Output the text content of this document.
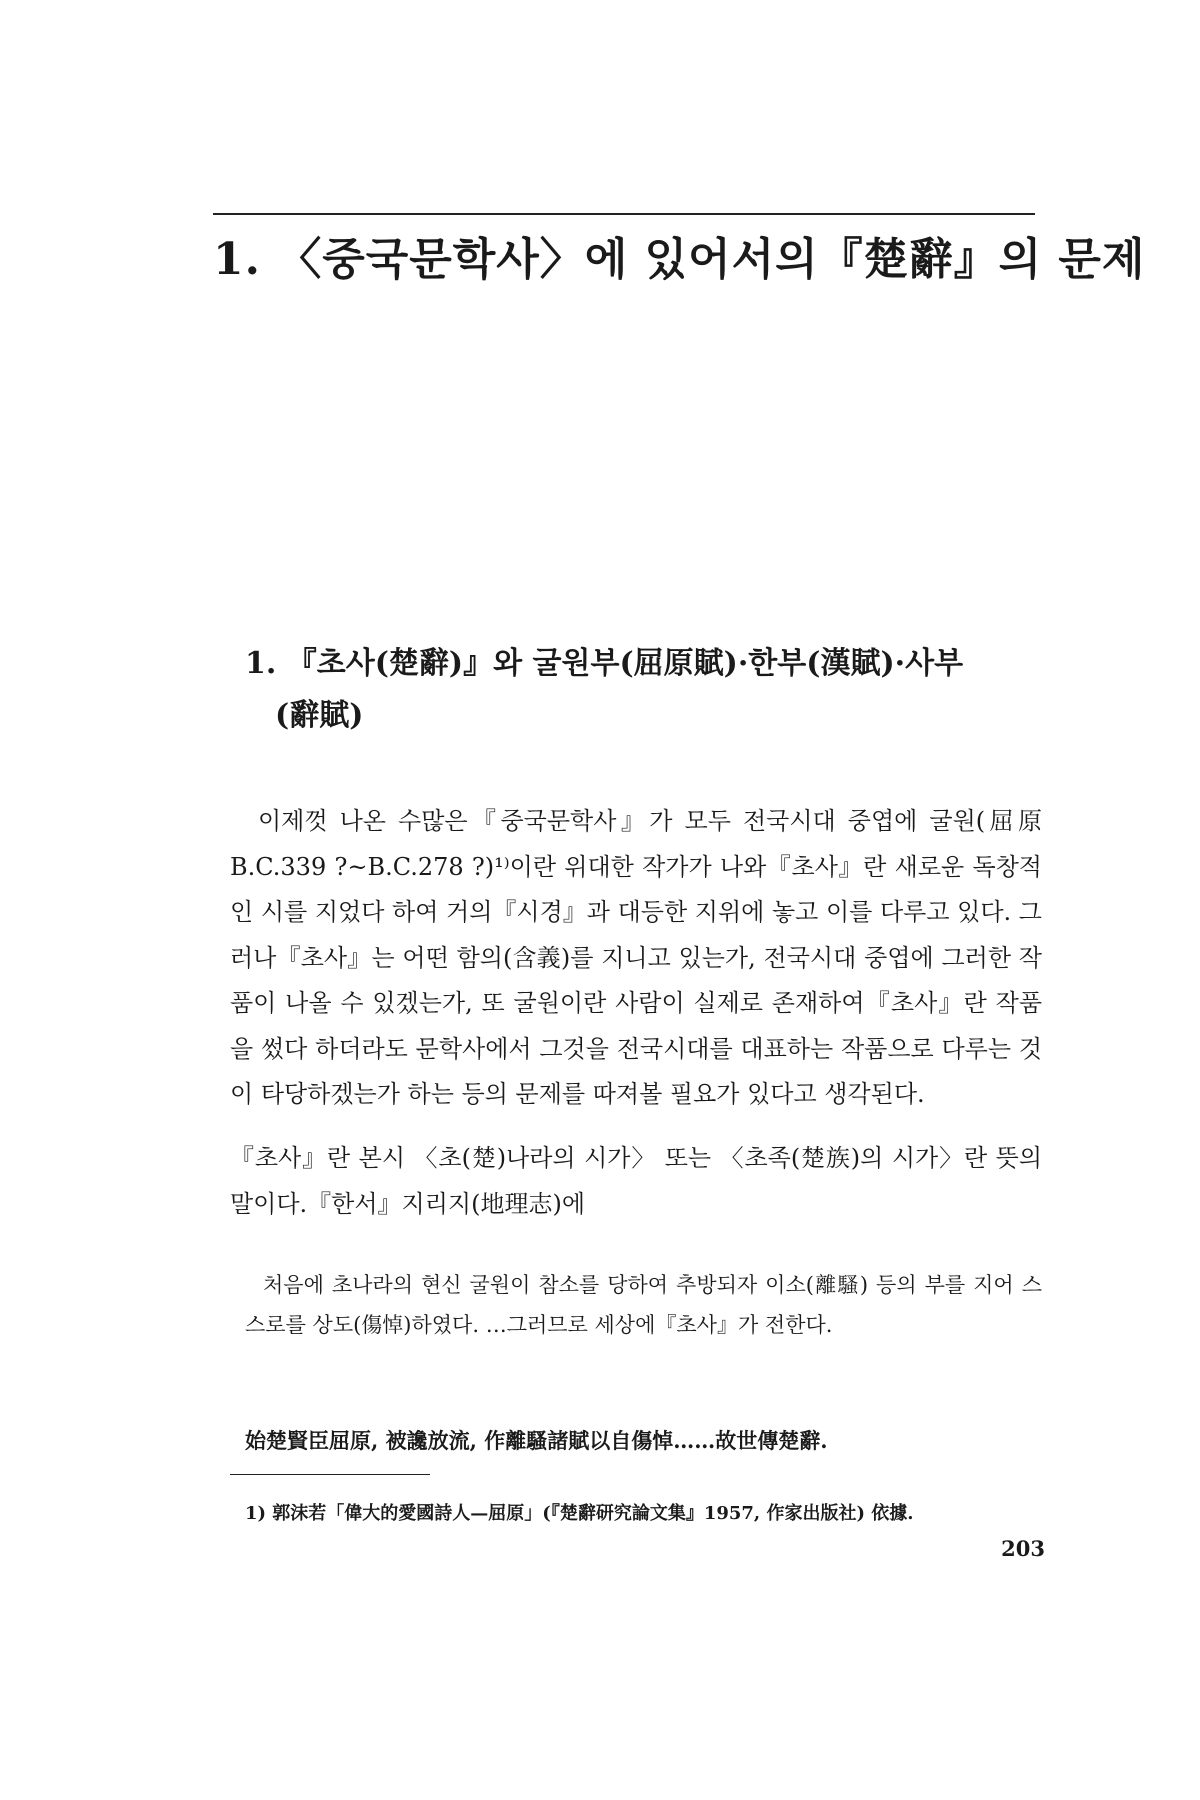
1. 〈중국문학사〉에 있어서의『楚辭』의 문제
1. 『초사(楚辭)』와 굴원부(屈原賦)·한부(漢賦)·사부
(辭賦)

이제껏 나온 수많은『중국문학사』가 모두 전국시대 중엽에 굴원(屈原 B.C.339 ?~B.C.278 ?)¹⁾이란 위대한 작가가 나와『초사』란 새로운 독창적인 시를 지었다 하여 거의『시경』과 대등한 지위에 놓고 이를 다루고 있다. 그러나『초사』는 어떤 함의(含義)를 지니고 있는가, 전국시대 중엽에 그러한 작품이 나올 수 있겠는가, 또 굴원이란 사람이 실제로 존재하여『초사』란 작품을 썼다 하더라도 문학사에서 그것을 전국시대를 대표하는 작품으로 다루는 것이 타당하겠는가 하는 등의 문제를 따져볼 필요가 있다고 생각된다.

『초사』란 본시 〈초(楚)나라의 시가〉 또는 〈초족(楚族)의 시가〉란 뜻의 말이다.『한서』지리지(地理志)에

처음에 초나라의 현신 굴원이 참소를 당하여 추방되자 이소(離騷) 등의 부를 지어 스스로를 상도(傷悼)하였다. …그러므로 세상에『초사』가 전한다.

始楚賢臣屈原, 被讒放流, 作離騷諸賦以自傷悼……故世傳楚辭.

1) 郭沫若「偉大的愛國詩人—屈原」(『楚辭研究論文集』1957, 作家出版社) 依據.

203
